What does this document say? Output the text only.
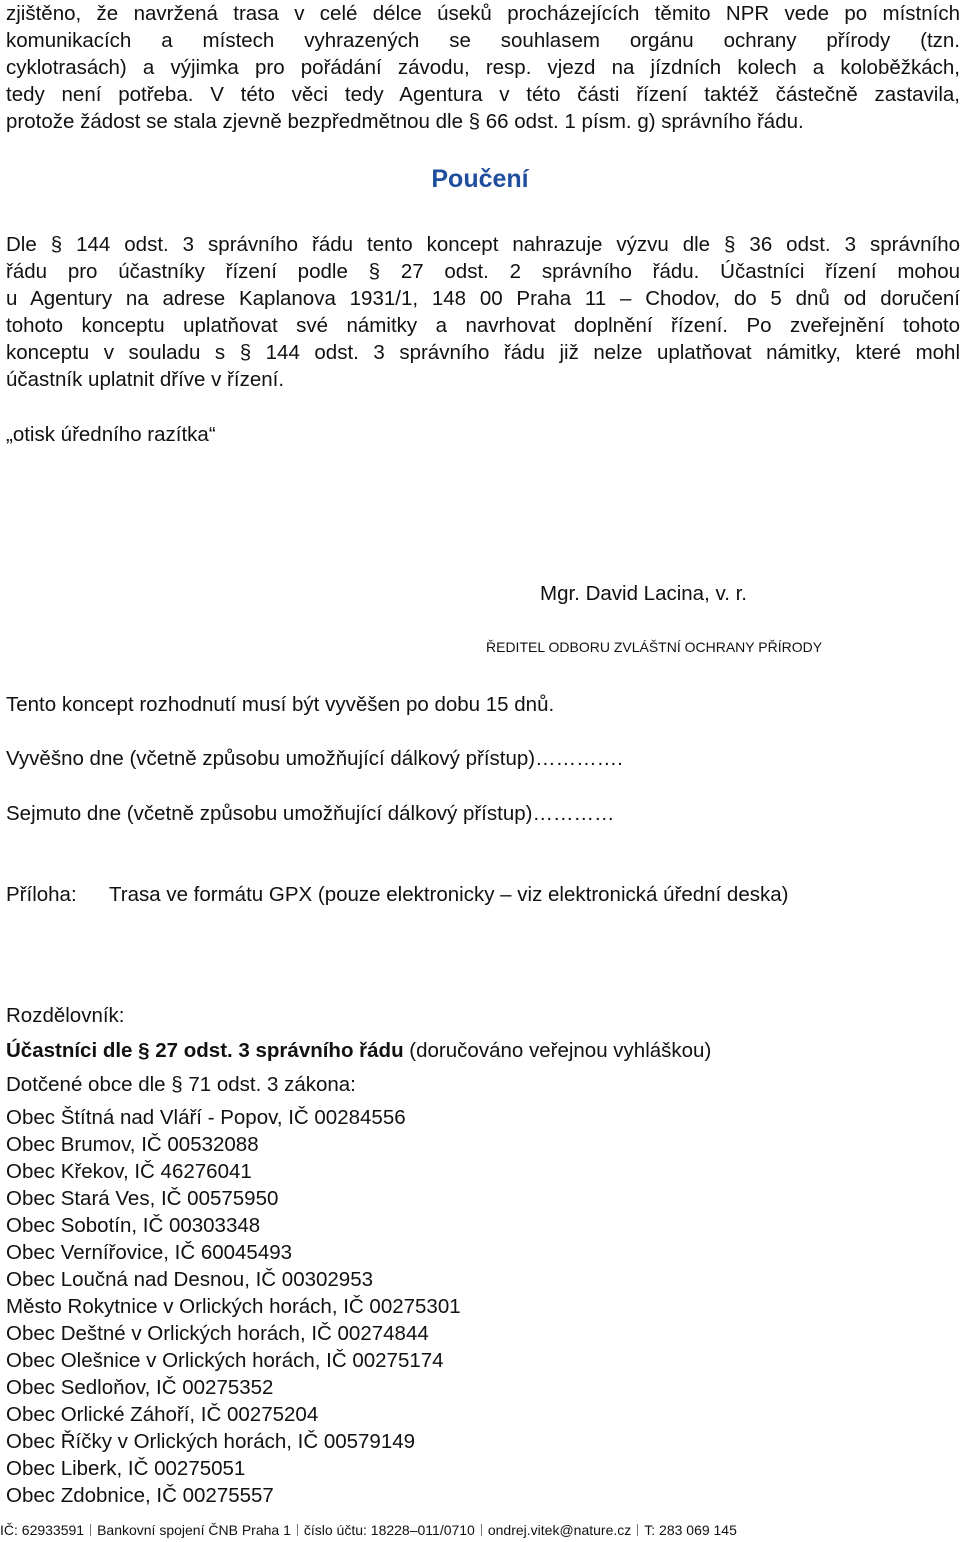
zjištěno, že navržená trasa v celé délce úseků procházejících těmito NPR vede po místních
komunikacích a místech vyhrazených se souhlasem orgánu ochrany přírody (tzn.
cyklotrasách) a výjimka pro pořádání závodu, resp. vjezd na jízdních kolech a koloběžkách,
tedy není potřeba. V této věci tedy Agentura v této části řízení taktéž částečně zastavila,
protože žádost se stala zjevně bezpředmětnou dle § 66 odst. 1 písm. g) správního řádu.
Poučení
Dle § 144 odst. 3 správního řádu tento koncept nahrazuje výzvu dle § 36 odst. 3 správního
řádu pro účastníky řízení podle § 27 odst. 2 správního řádu. Účastníci řízení mohou
u Agentury na adrese Kaplanova 1931/1, 148 00 Praha 11 – Chodov, do 5 dnů od doručení
tohoto konceptu uplatňovat své námitky a navrhovat doplnění řízení. Po zveřejnění tohoto
konceptu v souladu s § 144 odst. 3 správního řádu již nelze uplatňovat námitky, které mohl
účastník uplatnit dříve v řízení.
„otisk úředního razítka“
Mgr. David Lacina, v. r.
ŘEDITEL ODBORU ZVLÁŠTNÍ OCHRANY PŘÍRODY
Tento koncept rozhodnutí musí být vyvěšen po dobu 15 dnů.
Vyvěšno dne (včetně způsobu umožňující dálkový přístup)………….
Sejmuto dne (včetně způsobu umožňující dálkový přístup)…………
Příloha: Trasa ve formátu GPX (pouze elektronicky – viz elektronická úřední deska)
Rozdělovník:
Účastníci dle § 27 odst. 3 správního řádu (doručováno veřejnou vyhláškou)
Dotčené obce dle § 71 odst. 3 zákona:
Obec Štítná nad Vláří - Popov, IČ 00284556
Obec Brumov, IČ 00532088
Obec Křekov, IČ 46276041
Obec Stará Ves, IČ 00575950
Obec Sobotín, IČ 00303348
Obec Vernířovice, IČ 60045493
Obec Loučná nad Desnou, IČ 00302953
Město Rokytnice v Orlických horách, IČ 00275301
Obec Deštné v Orlických horách, IČ 00274844
Obec Olešnice v Orlických horách, IČ 00275174
Obec Sedloňov, IČ 00275352
Obec Orlické Záhoří, IČ 00275204
Obec Říčky v Orlických horách, IČ 00579149
Obec Liberk, IČ 00275051
Obec Zdobnice, IČ 00275557
IČ: 62933591 Bankovní spojení ČNB Praha 1 číslo účtu: 18228–011/0710 ondrej.vitek@nature.cz T: 283 069 145
